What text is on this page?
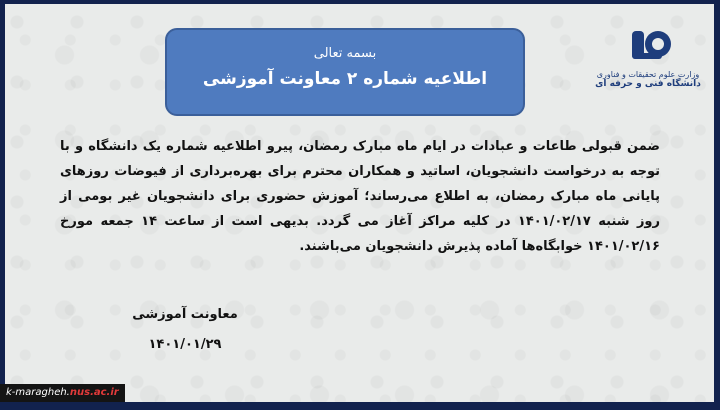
بسمه تعالی
اطلاعیه شماره ۲ معاونت آموزشی	وزارت علوم تحقیقات و فناوری
دانشگاه فنی و حرفه ای
ضمن قبولی طاعات و عبادات در ایام ماه مبارک رمضان، پیرو اطلاعیه شماره یک دانشگاه و با توجه به درخواست دانشجویان، اساتید و همکاران محترم برای بهره‌برداری از فیوضات روزهای پایانی ماه مبارک رمضان، به اطلاع می‌رساند؛ آموزش حضوری برای دانشجویان غیر بومی از روز شنبه ۱۴۰۱/۰۲/۱۷ در کلیه مراکز آغاز می گردد. بدیهی است از ساعت ۱۴ جمعه مورخ ۱۴۰۱/۰۲/۱۶ خوابگاه‌ها آماده پذیرش دانشجویان می‌باشند.
معاونت آموزشی
۱۴۰۱/۰۱/۲۹
k-maragheh.nus.ac.ir
